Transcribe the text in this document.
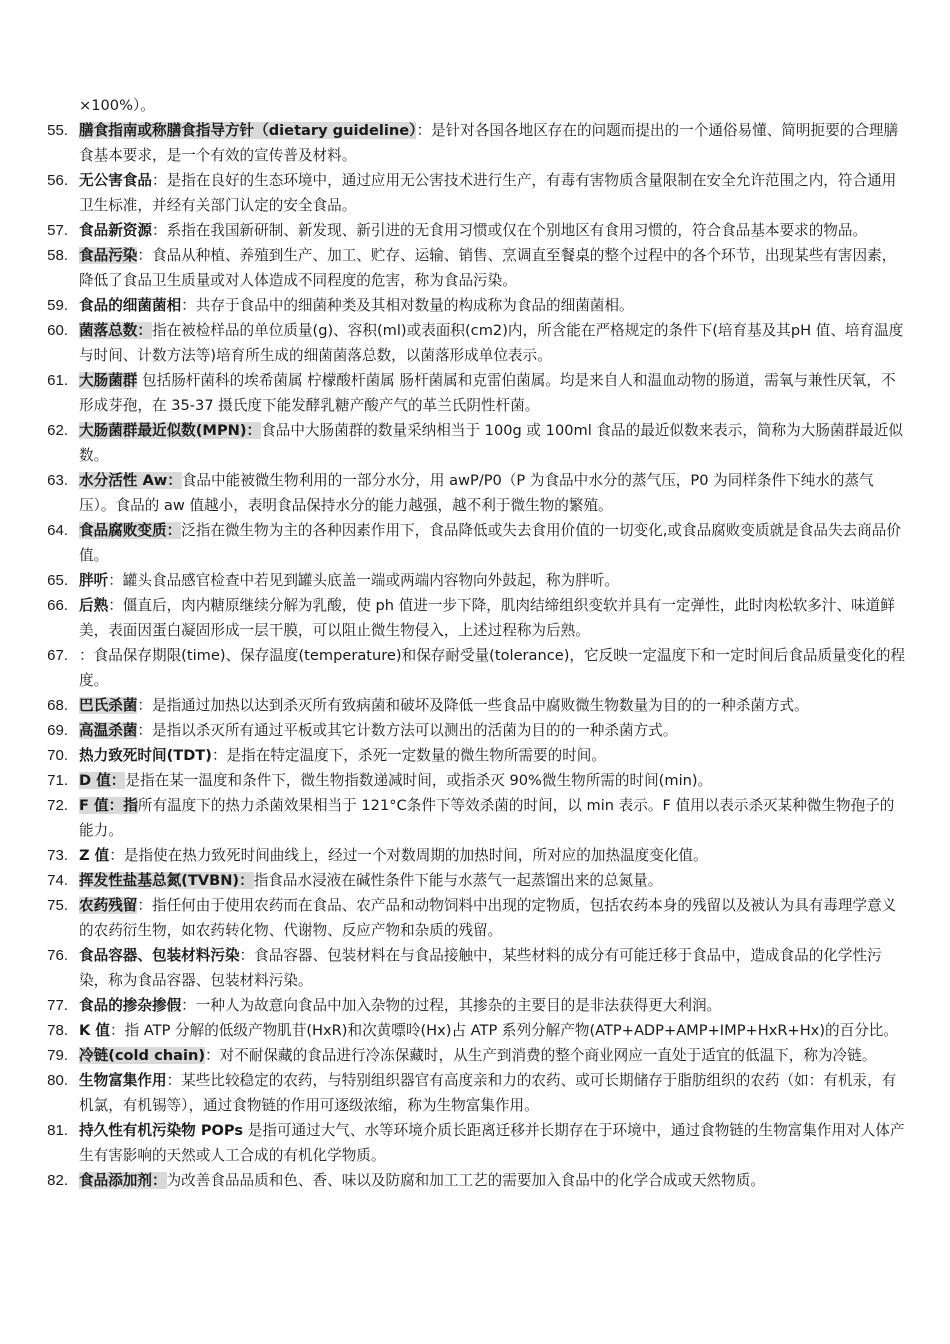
×100%）。
55. 膳食指南或称膳食指导方针（dietary guideline）：是针对各国各地区存在的问题而提出的一个通俗易懂、简明扼要的合理膳食基本要求，是一个有效的宣传普及材料。
56. 无公害食品：是指在良好的生态环境中，通过应用无公害技术进行生产，有毒有害物质含量限制在安全允许范围之内，符合通用卫生标准，并经有关部门认定的安全食品。
57. 食品新资源：系指在我国新研制、新发现、新引进的无食用习惯或仅在个别地区有食用习惯的，符合食品基本要求的物品。
58. 食品污染：食品从种植、养殖到生产、加工、贮存、运输、销售、烹调直至餐桌的整个过程中的各个环节，出现某些有害因素，降低了食品卫生质量或对人体造成不同程度的危害，称为食品污染。
59. 食品的细菌菌相：共存于食品中的细菌种类及其相对数量的构成称为食品的细菌菌相。
60. 菌落总数：指在被检样品的单位质量(g)、容积(ml)或表面积(cm2)内，所含能在严格规定的条件下(培育基及其pH 值、培育温度与时间、计数方法等)培育所生成的细菌菌落总数，以菌落形成单位表示。
61. 大肠菌群 包括肠杆菌科的埃希菌属 柠檬酸杆菌属 肠杆菌属和克雷伯菌属。均是来自人和温血动物的肠道，需氧与兼性厌氧，不形成芽孢，在 35-37 摄氏度下能发酵乳糖产酸产气的革兰氏阴性杆菌。
62. 大肠菌群最近似数(MPN)：食品中大肠菌群的数量采纳相当于 100g 或 100ml 食品的最近似数来表示，简称为大肠菌群最近似数。
63. 水分活性 Aw：食品中能被微生物利用的一部分水分，用 awP/P0（P 为食品中水分的蒸气压，P0 为同样条件下纯水的蒸气压）。食品的 aw 值越小，表明食品保持水分的能力越强，越不利于微生物的繁殖。
64. 食品腐败变质：泛指在微生物为主的各种因素作用下，食品降低或失去食用价值的一切变化,或食品腐败变质就是食品失去商品价值。
65. 胖听：罐头食品感官检查中若见到罐头底盖一端或两端内容物向外鼓起，称为胖听。
66. 后熟：僵直后，肉内糖原继续分解为乳酸，使 ph 值进一步下降，肌肉结缔组织变软并具有一定弹性，此时肉松软多汁、味道鲜美，表面因蛋白凝固形成一层干膜，可以阻止微生物侵入，上述过程称为后熟。
67. ：食品保存期限(time)、保存温度(temperature)和保存耐受量(tolerance)，它反映一定温度下和一定时间后食品质量变化的程度。
68. 巴氏杀菌：是指通过加热以达到杀灭所有致病菌和破坏及降低一些食品中腐败微生物数量为目的的一种杀菌方式。
69. 高温杀菌：是指以杀灭所有通过平板或其它计数方法可以测出的活菌为目的的一种杀菌方式。
70. 热力致死时间(TDT)：是指在特定温度下，杀死一定数量的微生物所需要的时间。
71. D 值：是指在某一温度和条件下，微生物指数递减时间，或指杀灭 90%微生物所需的时间(min)。
72. F 值：指所有温度下的热力杀菌效果相当于 121°C条件下等效杀菌的时间，以 min 表示。F 值用以表示杀灭某种微生物孢子的能力。
73. Z 值：是指使在热力致死时间曲线上，经过一个对数周期的加热时间，所对应的加热温度变化值。
74. 挥发性盐基总氮(TVBN)：指食品水浸液在碱性条件下能与水蒸气一起蒸馏出来的总氮量。
75. 农药残留：指任何由于使用农药而在食品、农产品和动物饲料中出现的定物质，包括农药本身的残留以及被认为具有毒理学意义的农药衍生物，如农药转化物、代谢物、反应产物和杂质的残留。
76. 食品容器、包装材料污染：食品容器、包装材料在与食品接触中，某些材料的成分有可能迁移于食品中，造成食品的化学性污染，称为食品容器、包装材料污染。
77. 食品的掺杂掺假：一种人为故意向食品中加入杂物的过程，其掺杂的主要目的是非法获得更大利润。
78. K 值：指 ATP 分解的低级产物肌苷(HxR)和次黄嘌呤(Hx)占 ATP 系列分解产物(ATP+ADP+AMP+IMP+HxR+Hx)的百分比。
79. 冷链(cold chain)：对不耐保藏的食品进行冷冻保藏时，从生产到消费的整个商业网应一直处于适宜的低温下，称为冷链。
80. 生物富集作用：某些比较稳定的农药，与特别组织器官有高度亲和力的农药、或可长期储存于脂肪组织的农药（如：有机汞，有机氯，有机锡等），通过食物链的作用可逐级浓缩，称为生物富集作用。
81. 持久性有机污染物 POPs 是指可通过大气、水等环境介质长距离迁移并长期存在于环境中，通过食物链的生物富集作用对人体产生有害影响的天然或人工合成的有机化学物质。
82. 食品添加剂：为改善食品品质和色、香、味以及防腐和加工工艺的需要加入食品中的化学合成或天然物质。
